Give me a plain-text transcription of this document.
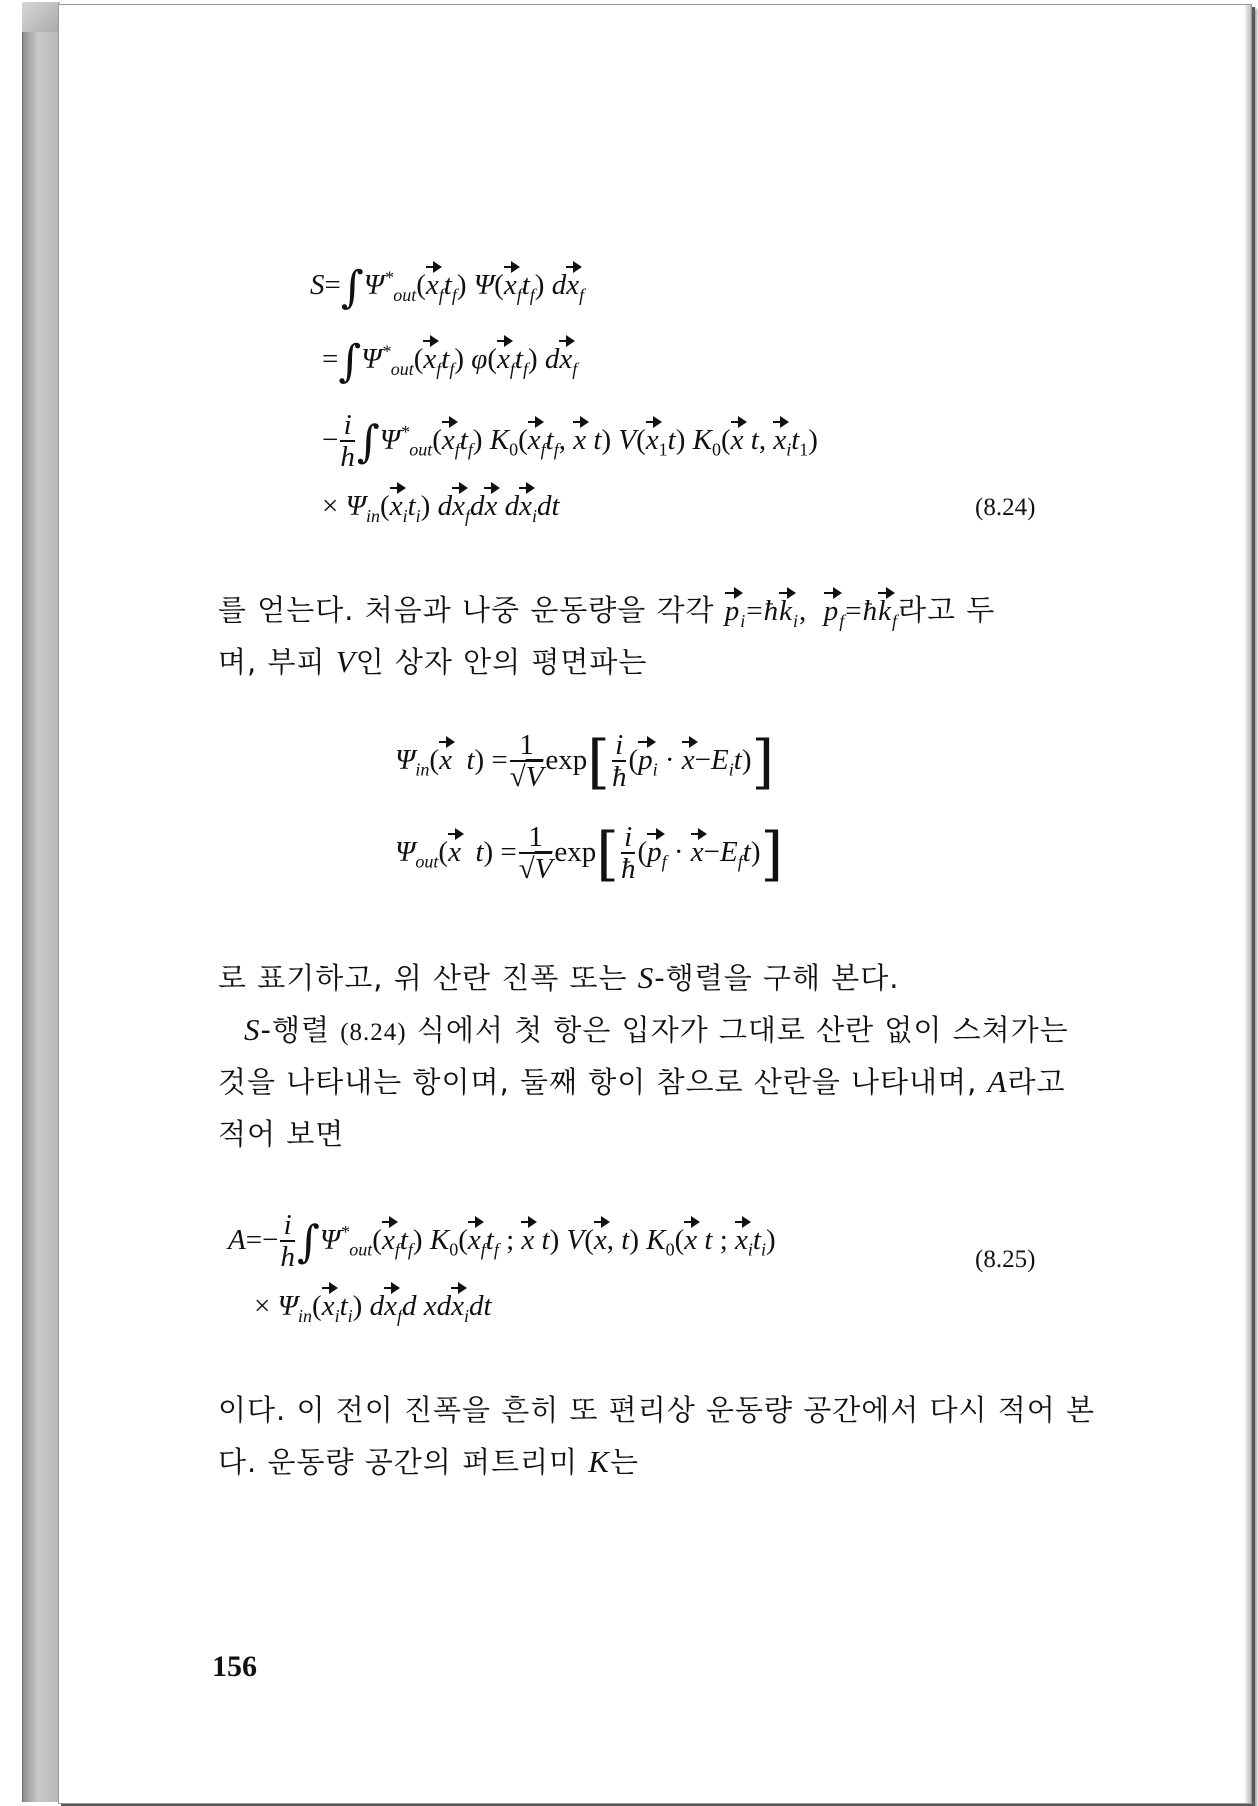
$S=\int\Psi^*_{out}(x_ft_f)$ $\Psi(x_ft_f)$ $dx_f$
$=\int\Psi^*_{out}(x_ft_f)$ $\varphi(x_ft_f)$ $dx_f$
− $\frac{i}{h} \int\Psi^*_{out}(x_ft_f)$ $K_0(x_ft_f$, x t) $V(x_1t)$ $K_0(x$ t, $x_it_1$)
× $\Psi_{in}(x_it_i)$ $dx_fdx$ $dx_idt$	(8.24)
를 얻는다. 처음과 나중 운동량을 각각 $p_i=ħk_i$, $p_f=ħk_f$라고 두
며, 부피 V인 상자 안의 평면파는
$\Psi_{in}(x$  $t) = \frac{1}{√V} \exp[ \frac{i}{ħ} (p_i \cdot x-E_it)]$
$\Psi_{out}(x$  $t) = \frac{1}{√V} \exp[ \frac{i}{ħ} (p_f \cdot x-E_ft)]$
로 표기하고, 위 산란 진폭 또는 S-행렬을 구해 본다.
S-행렬 (8.24) 식에서 첫 항은 입자가 그대로 산란 없이 스쳐가는
것을 나타내는 항이며, 둘째 항이 참으로 산란을 나타내며, A라고
적어 보면
$A=- \frac{i}{h} \int\Psi^*_{out}(x_ft_f)$ $K_0(x_ft_f$ ; x t) V(x, t) $K_0(x$ t ; $x_it_i$)
(8.25)
× $\Psi_{in}(x_it_i)$ $dx_fd$ xdx$_i$dt
이다. 이 전이 진폭을 흔히 또 편리상 운동량 공간에서 다시 적어 본
다. 운동량 공간의 퍼트리미 K는
156
